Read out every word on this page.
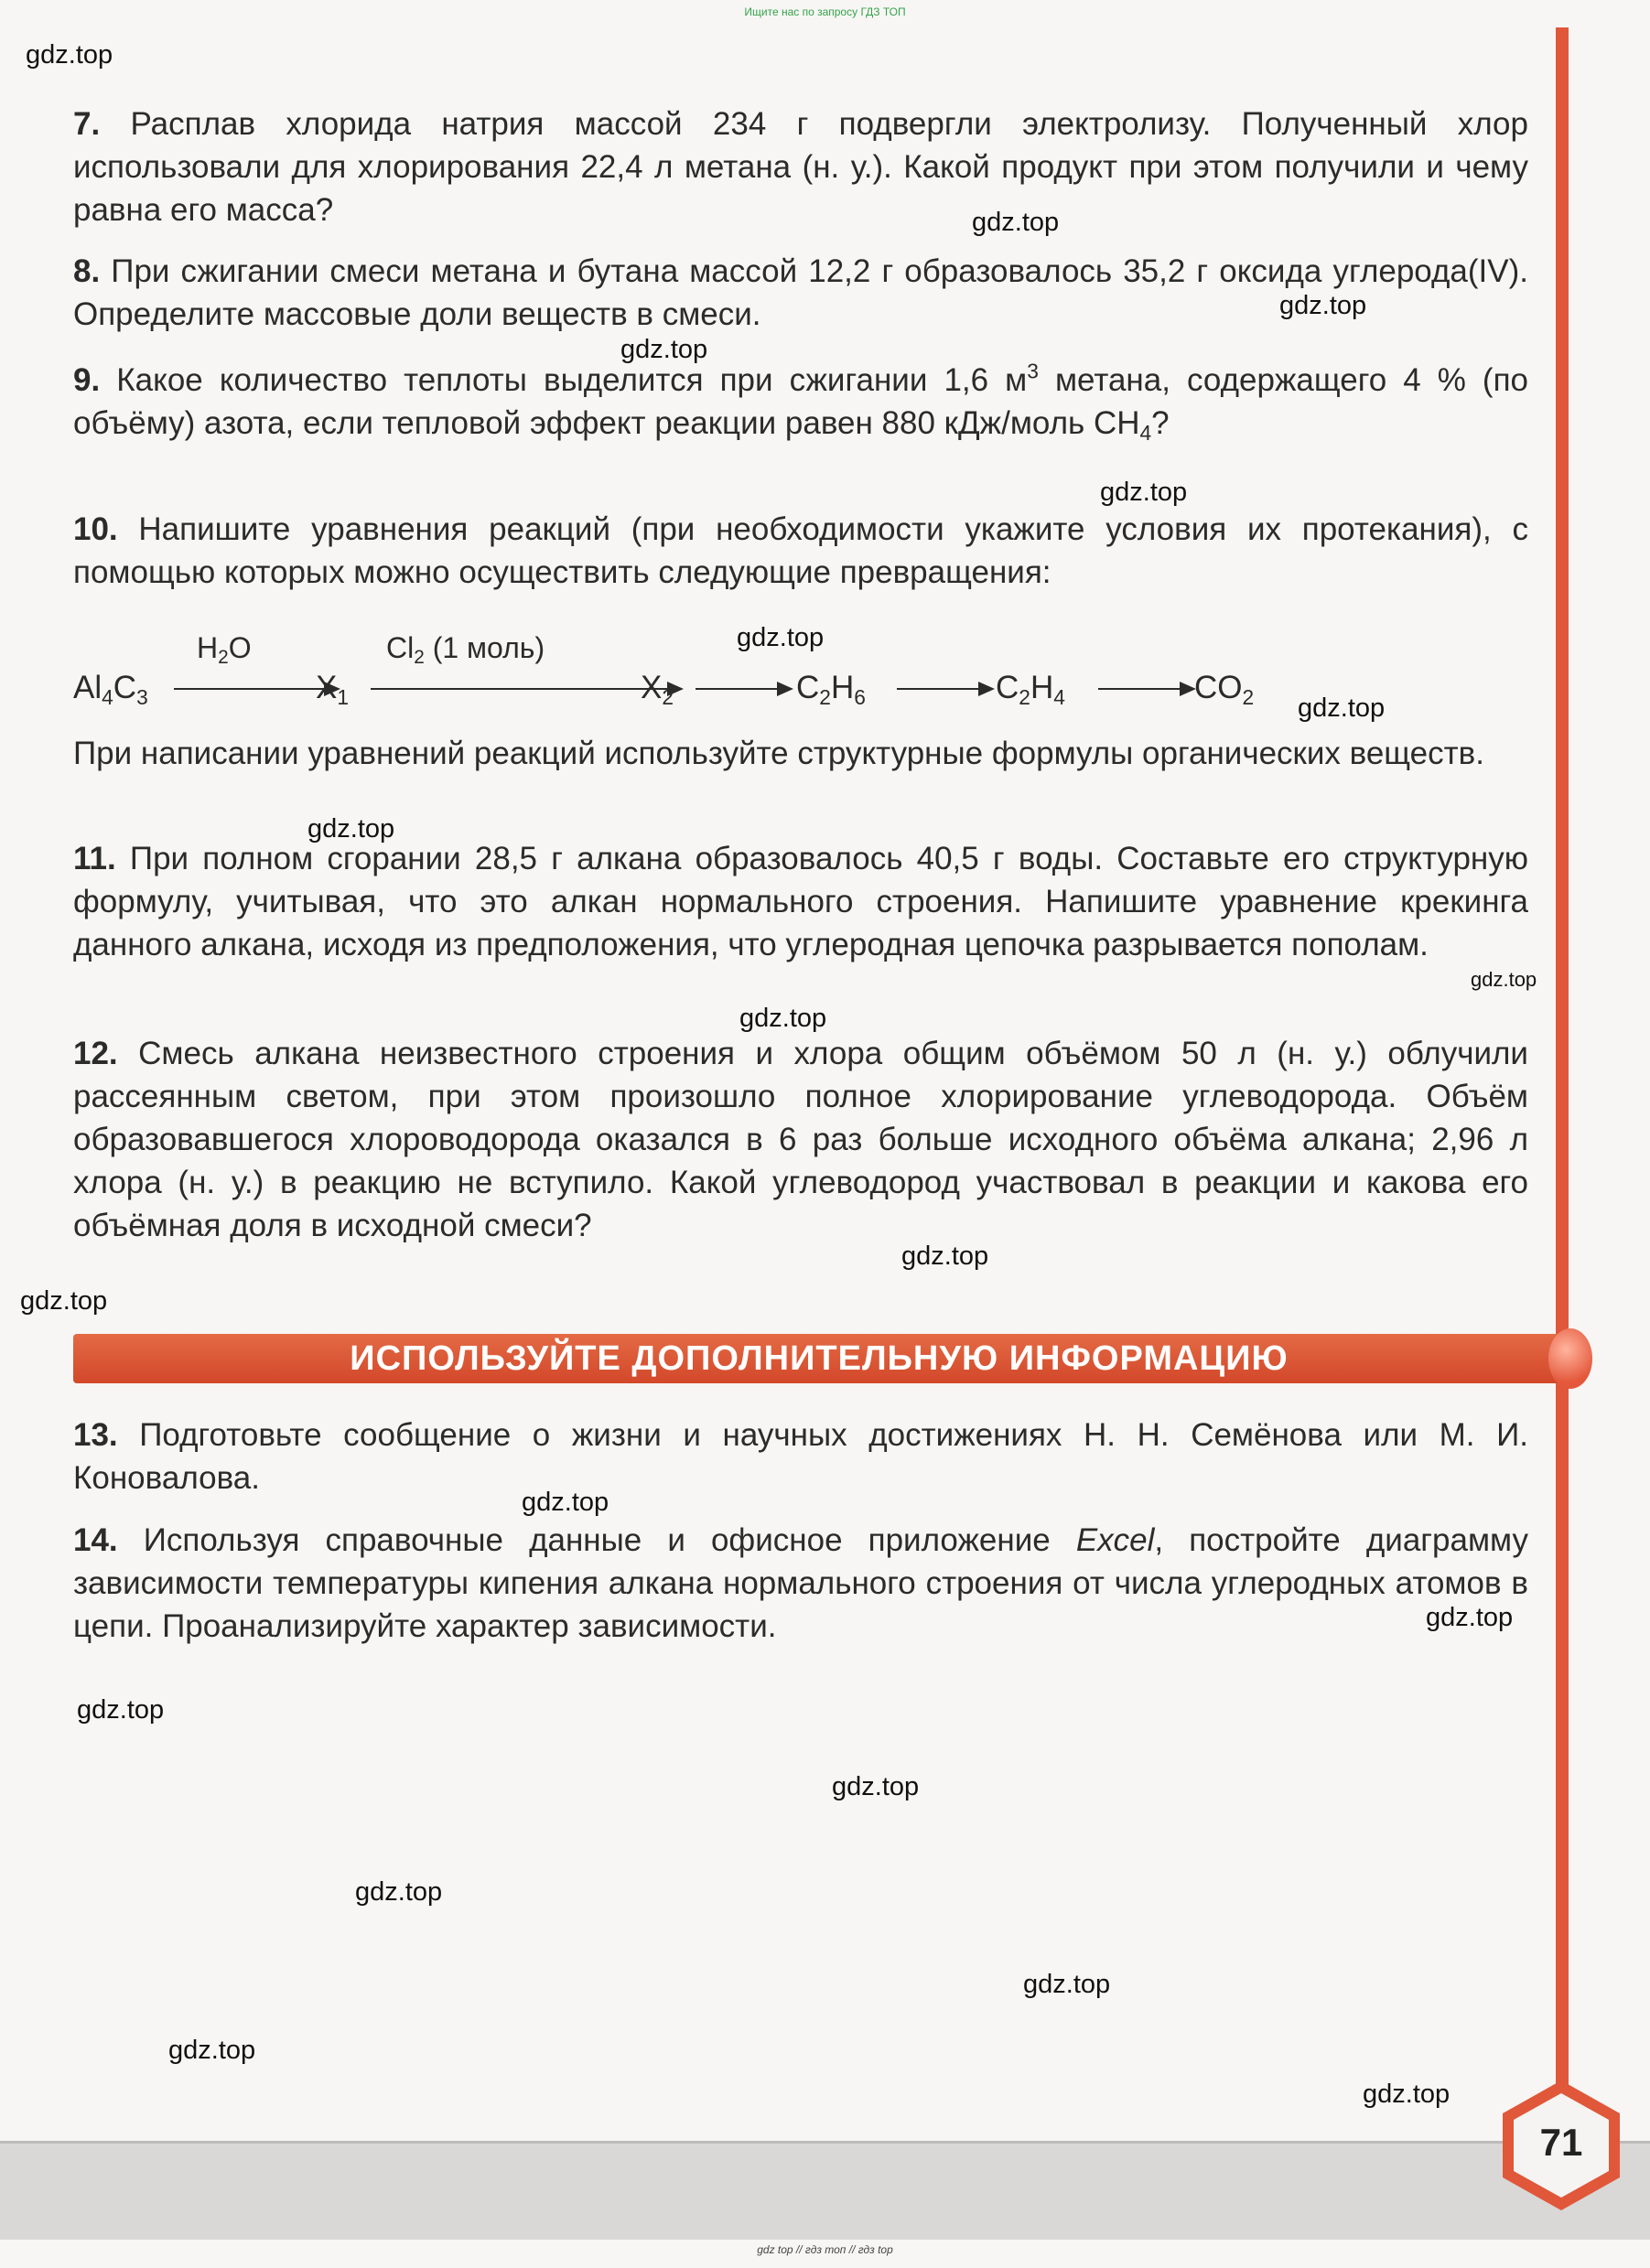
Ищите нас по запросу ГДЗ ТОП
71

7. Расплав хлорида натрия массой 234 г подвергли электролизу. Полученный хлор использовали для хлорирования 22,4 л метана (н. у.). Какой продукт при этом получили и чему равна его масса?

8. При сжигании смеси метана и бутана массой 12,2 г образовалось 35,2 г оксида углерода(IV). Определите массовые доли веществ в смеси.

9. Какое количество теплоты выделится при сжигании 1,6 $м^3$ метана, содержащего 4 % (по объёму) азота, если тепловой эффект реакции равен 880 кДж/моль $CH_4$?

10. Напишите уравнения реакций (при необходимости укажите условия их протекания), с помощью которых можно осуществить следующие превращения:

$Al_4C_3$
$H_2O$
$X_1$
$Cl_2$ (1 моль)
$X_2$	$C_2H_6$	$C_2H_4$	$CO_2$

При написании уравнений реакций используйте структурные формулы органических веществ.

11. При полном сгорании 28,5 г алкана образовалось 40,5 г воды. Составьте его структурную формулу, учитывая, что это алкан нормального строения. Напишите уравнение крекинга данного алкана, исходя из предположения, что углеродная цепочка разрывается пополам.

12. Смесь алкана неизвестного строения и хлора общим объёмом 50 л (н. у.) облучили рассеянным светом, при этом произошло полное хлорирование углеводорода. Объём образовавшегося хлороводорода оказался в 6 раз больше исходного объёма алкана; 2,96 л хлора (н. у.) в реакцию не вступило. Какой углеводород участвовал в реакции и какова его объёмная доля в исходной смеси?

ИСПОЛЬЗУЙТЕ ДОПОЛНИТЕЛЬНУЮ ИНФОРМАЦИЮ

13. Подготовьте сообщение о жизни и научных достижениях Н. Н. Семёнова или М. И. Коновалова.

14. Используя справочные данные и офисное приложение Excel, постройте диаграмму зависимости температуры кипения алкана нормального строения от числа углеродных атомов в цепи. Проанализируйте характер зависимости.

gdz.top
gdz.top
gdz.top
gdz.top
gdz.top
gdz.top
gdz.top
gdz.top
gdz.top
gdz.top
gdz.top
gdz.top
gdz.top
gdz.top
gdz.top
gdz.top
gdz.top
gdz.top
gdz.top
gdz.top
gdz top // гдз топ // гдз top
